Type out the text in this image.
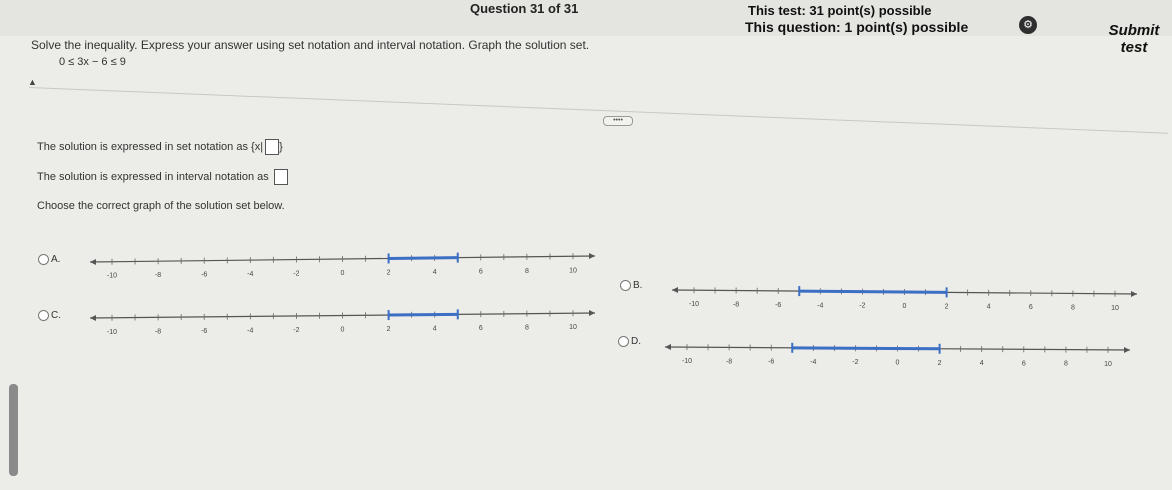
Question 31 of 31	This test: 31 point(s) possible
This question: 1 point(s) possible	⚙	Submit test
Solve the inequality. Express your answer using set notation and interval notation. Graph the solution set.
0 ≤ 3x − 6 ≤ 9
▲
••••
The solution is expressed in set notation as {x| }
The solution is expressed in interval notation as
Choose the correct graph of the solution set below.
A.
-10	-8	-6	-4	-2	0	2	4	6	8	10
B.
-10	-8	-6	-4	-2	0	2	4	6	8	10
C.
-10	-8	-6	-4	-2	0	2	4	6	8	10
D.
-10	-8	-6	-4	-2	0	2	4	6	8	10
